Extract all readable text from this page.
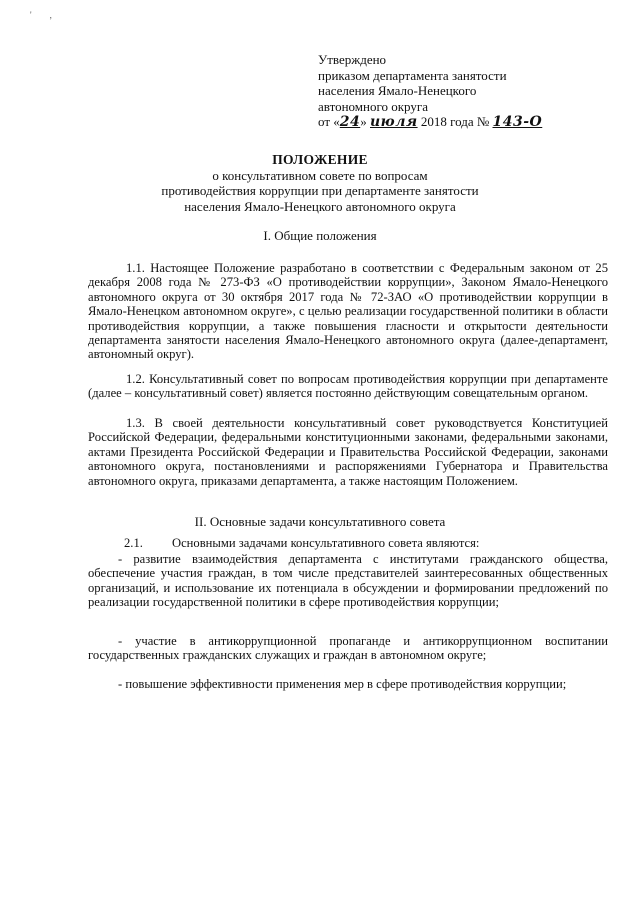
'        ,
Утверждено
приказом департамента занятости
населения Ямало-Ненецкого
автономного округа
от «24» июля 2018 года № 143-О
ПОЛОЖЕНИЕ
о консультативном совете по вопросам
противодействия коррупции при департаменте занятости
населения Ямало-Ненецкого автономного округа
I. Общие положения
1.1. Настоящее Положение разработано в соответствии с Федеральным законом от 25 декабря 2008 года № 273-ФЗ «О противодействии коррупции», Законом Ямало-Ненецкого автономного округа от 30 октября 2017 года № 72-ЗАО «О противодействии коррупции в Ямало-Ненецком автономном округе», с целью реализации государственной политики в области противодействия коррупции, а также повышения гласности и открытости деятельности департамента занятости населения Ямало-Ненецкого автономного округа (далее-департамент, автономный округ).
1.2. Консультативный совет по вопросам противодействия коррупции при департаменте (далее – консультативный совет) является постоянно действующим совещательным органом.
1.3. В своей деятельности консультативный совет руководствуется Конституцией Российской Федерации, федеральными конституционными законами, федеральными законами, актами Президента Российской Федерации и Правительства Российской Федерации, законами автономного округа, постановлениями и распоряжениями Губернатора и Правительства автономного округа, приказами департамента, а также настоящим Положением.
II. Основные задачи консультативного совета
2.1. Основными задачами консультативного совета являются:
- развитие взаимодействия департамента с институтами гражданского общества, обеспечение участия граждан, в том числе представителей заинтересованных общественных организаций, и использование их потенциала в обсуждении и формировании предложений по реализации государственной политики в сфере противодействия коррупции;
- участие в антикоррупционной пропаганде и антикоррупционном воспитании государственных гражданских служащих и граждан в автономном округе;
- повышение эффективности применения мер в сфере противодействия коррупции;
